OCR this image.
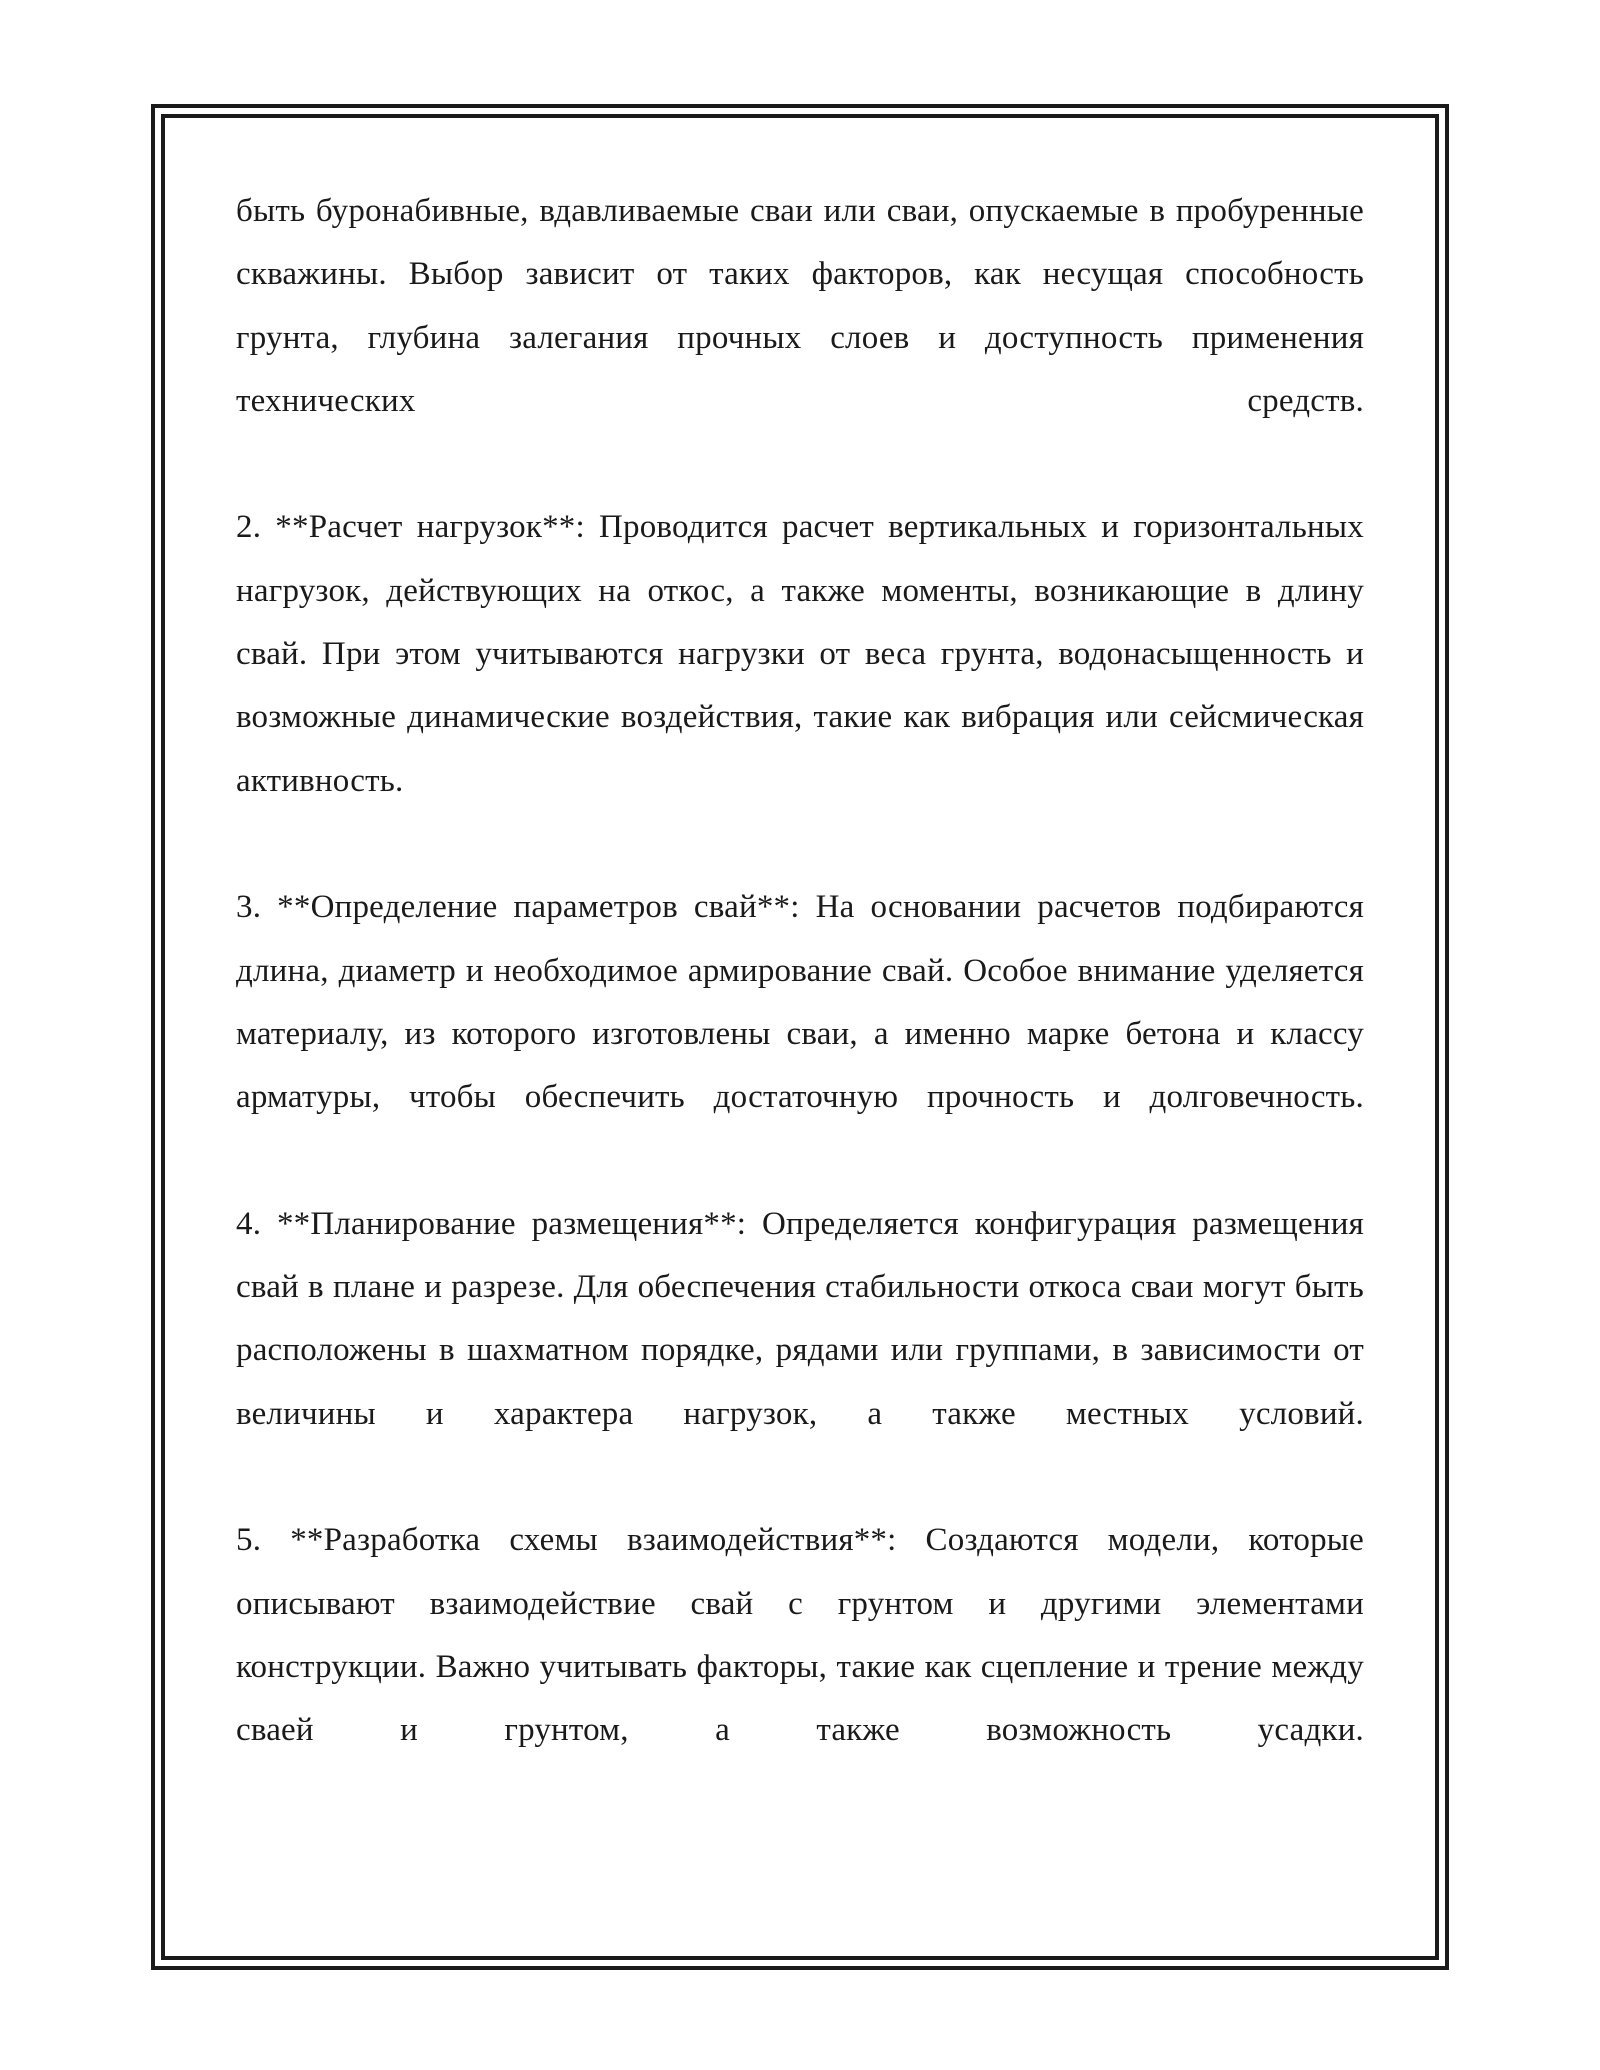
быть буронабивные, вдавливаемые сваи или сваи, опускаемые в пробуренные скважины. Выбор зависит от таких факторов, как несущая способность грунта, глубина залегания прочных слоев и доступность применения технических средств.

2. **Расчет нагрузок**: Проводится расчет вертикальных и горизонтальных нагрузок, действующих на откос, а также моменты, возникающие в длину свай. При этом учитываются нагрузки от веса грунта, водонасыщенность и возможные динамические воздействия, такие как вибрация или сейсмическая активность.

3. **Определение параметров свай**: На основании расчетов подбираются длина, диаметр и необходимое армирование свай. Особое внимание уделяется материалу, из которого изготовлены сваи, а именно марке бетона и классу арматуры, чтобы обеспечить достаточную прочность и долговечность.

4. **Планирование размещения**: Определяется конфигурация размещения свай в плане и разрезе. Для обеспечения стабильности откоса сваи могут быть расположены в шахматном порядке, рядами или группами, в зависимости от величины и характера нагрузок, а также местных условий.

5. **Разработка схемы взаимодействия**: Создаются модели, которые описывают взаимодействие свай с грунтом и другими элементами конструкции. Важно учитывать факторы, такие как сцепление и трение между сваей и грунтом, а также возможность усадки.
